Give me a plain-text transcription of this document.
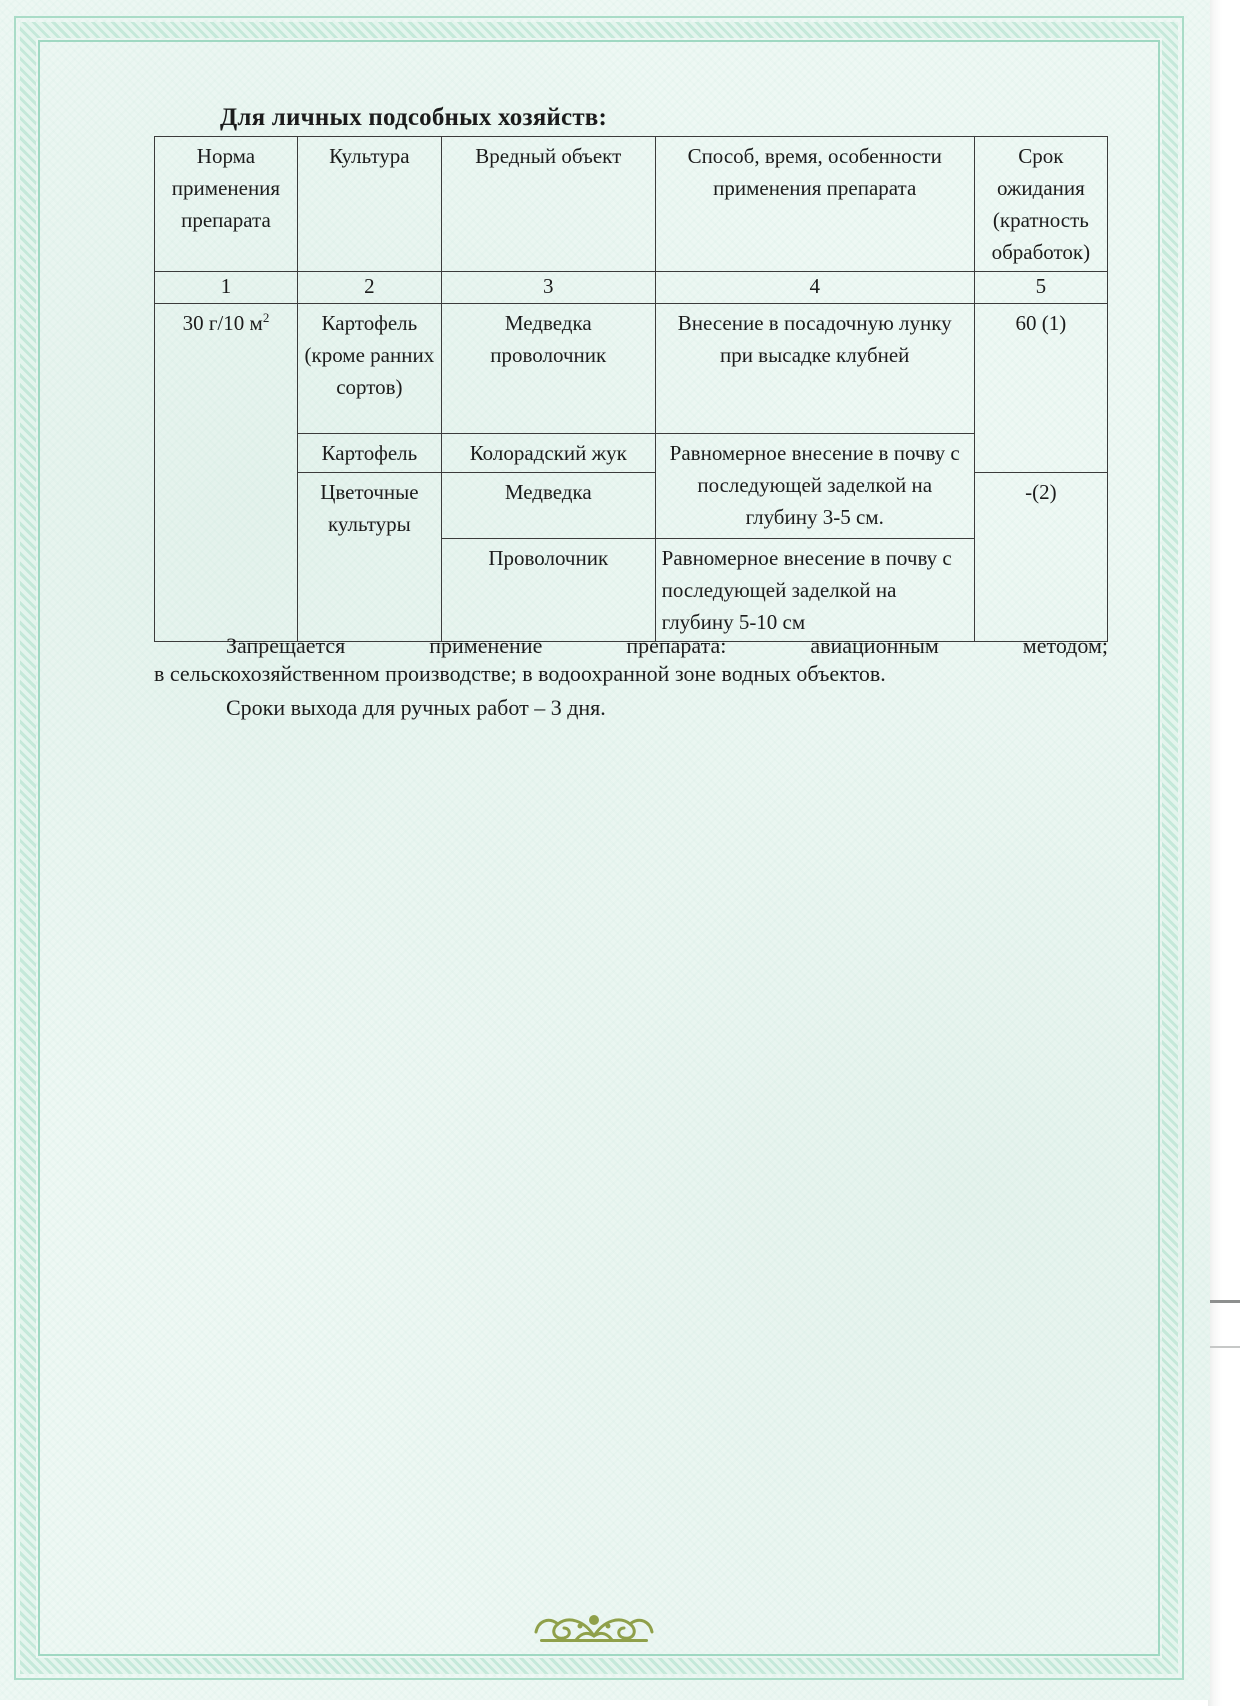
Для личных подсобных хозяйств:
Норма применения препарата	Культура	Вредный объект	Способ, время, особенности применения препарата	Срок ожидания (кратность обработок)
1	2	3	4	5
30 г/10 $м^2$	Картофель (кроме ранних сортов)	Медведка проволочник	Внесение в посадочную лунку при высадке клубней	60 (1)
	Картофель	Колорадский жук	Равномерное внесение в почву с последующей заделкой на глубину 3-5 см.	
	Цветочные культуры	Медведка		-(2)
		Проволочник	Равномерное внесение в почву с последующей заделкой на глубину 5-10 см	
Запрещается применение препарата: авиационным методом;
в сельскохозяйственном производстве; в водоохранной зоне водных объектов.
Сроки выхода для ручных работ – 3 дня.
